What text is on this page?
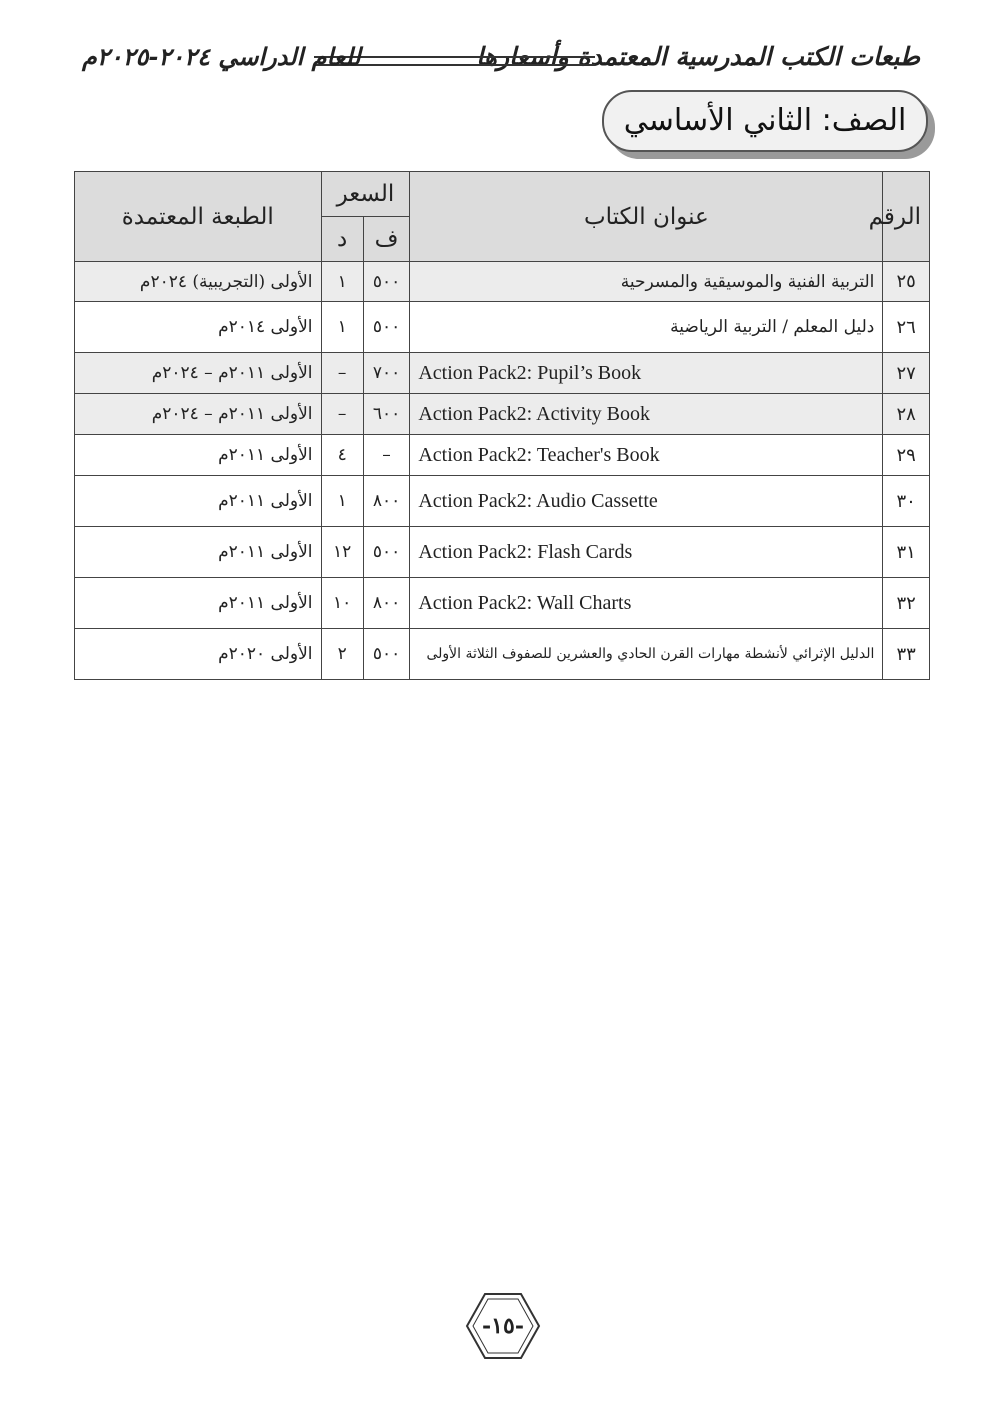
طبعات الكتب المدرسية المعتمدة وأسعارها
للعام الدراسي ٢٠٢٤-٢٠٢٥م
الصف: الثاني الأساسي
الرقم	عنوان الكتاب	السعر		الطبعة المعتمدة
		ف	د	
٢٥	التربية الفنية والموسيقية والمسرحية	٥٠٠	١	الأولى (التجريبية) ٢٠٢٤م
٢٦	دليل المعلم / التربية الرياضية	٥٠٠	١	الأولى ٢٠١٤م
٢٧	Action Pack2: Pupil’s Book	٧٠٠	–	الأولى ٢٠١١م – ٢٠٢٤م
٢٨	Action Pack2: Activity Book	٦٠٠	–	الأولى ٢٠١١م – ٢٠٢٤م
٢٩	Action Pack2: Teacher's Book	–	٤	الأولى ٢٠١١م
٣٠	Action Pack2: Audio Cassette	٨٠٠	١	الأولى ٢٠١١م
٣١	Action Pack2: Flash Cards	٥٠٠	١٢	الأولى ٢٠١١م
٣٢	Action Pack2: Wall Charts	٨٠٠	١٠	الأولى ٢٠١١م
٣٣	الدليل الإثرائي لأنشطة مهارات القرن الحادي والعشرين للصفوف الثلاثة الأولى	٥٠٠	٢	الأولى ٢٠٢٠م
-١٥-
